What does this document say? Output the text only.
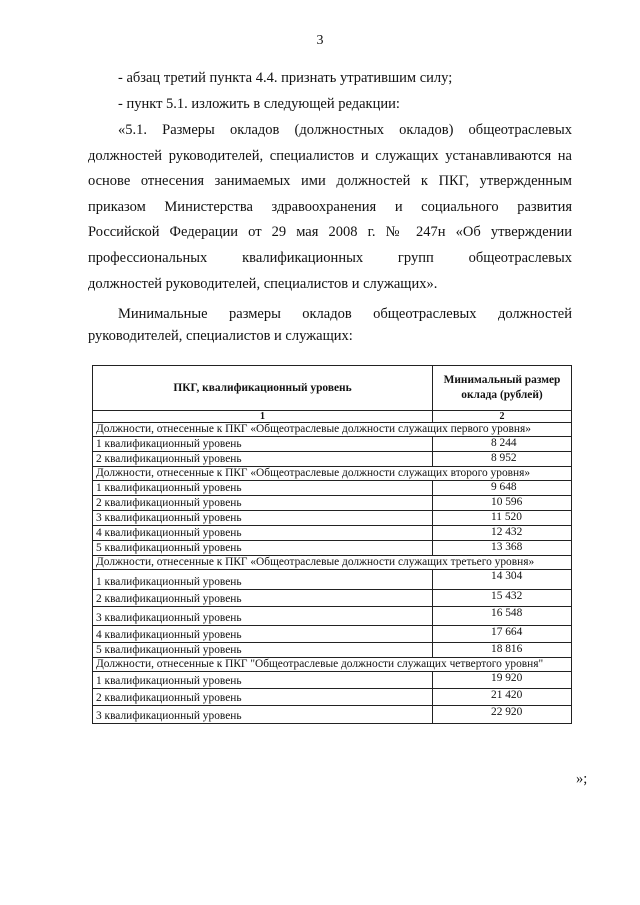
3
- абзац третий пункта 4.4. признать утратившим силу;
- пункт 5.1. изложить в следующей редакции:

«5.1. Размеры окладов (должностных окладов) общеотраслевых должностей руководителей, специалистов и служащих устанавливаются на основе отнесения занимаемых ими должностей к ПКГ, утвержденным приказом Министерства здравоохранения и социального развития Российской Федерации от 29 мая 2008 г. № 247н «Об утверждении профессиональных квалификационных групп общеотраслевых

должностей руководителей, специалистов и служащих».

Минимальные размеры окладов общеотраслевых должностей

руководителей, специалистов и служащих:
ПКГ, квалификационный уровень	Минимальный размер оклада (рублей)
1	2
Должности, отнесенные к ПКГ «Общеотраслевые должности служащих первого уровня»	
1 квалификационный уровень	8 244
2 квалификационный уровень	8 952
Должности, отнесенные к ПКГ «Общеотраслевые должности служащих второго уровня»	
1 квалификационный уровень	9 648
2 квалификационный уровень	10 596
3 квалификационный уровень	11 520
4 квалификационный уровень	12 432
5 квалификационный уровень	13 368
Должности, отнесенные к ПКГ «Общеотраслевые должности служащих третьего уровня»	
1 квалификационный уровень	14 304
2 квалификационный уровень	15 432
3 квалификационный уровень	16 548
4 квалификационный уровень	17 664
5 квалификационный уровень	18 816
Должности, отнесенные к ПКГ "Общеотраслевые должности служащих четвертого уровня"	
1 квалификационный уровень	19 920
2 квалификационный уровень	21 420
3 квалификационный уровень	22 920
»;
